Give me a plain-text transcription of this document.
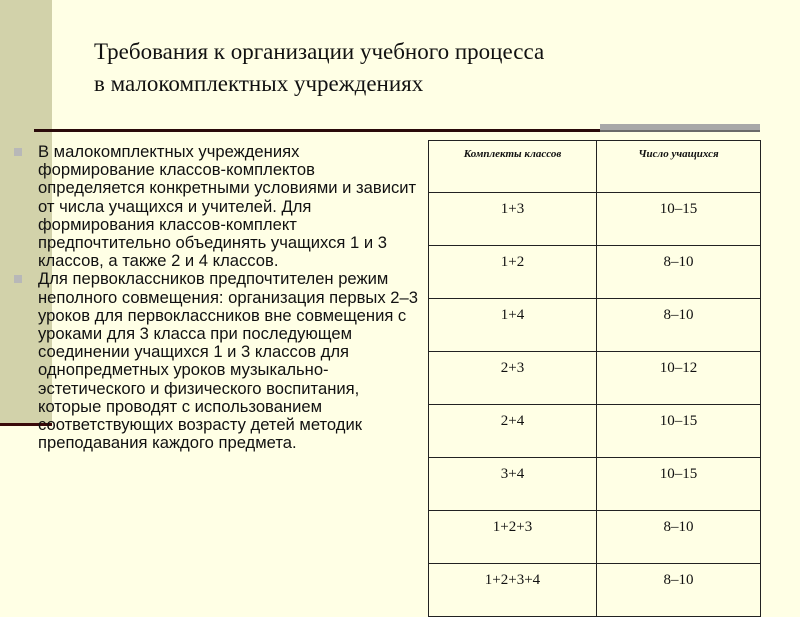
Требования к организации учебного процесса
в малокомплектных учреждениях
В малокомплектных учреждениях формирование классов-комплектов определяется конкретными условиями и зависит от числа учащихся и учителей. Для формирования классов-комплект предпочтительно объединять учащихся 1 и 3 классов, а также 2 и 4 классов.
Для первоклассников предпочтителен режим неполного совмещения: организация первых 2–3 уроков для первоклассников вне совмещения с уроками для 3 класса при последующем соединении учащихся 1 и 3 классов для однопредметных уроков музыкально-эстетического и физического воспитания, которые проводят с использованием соответствующих возрасту детей методик преподавания каждого предмета.
Комплекты классов	Число учащихся
1+3	10–15
1+2	8–10
1+4	8–10
2+3	10–12
2+4	10–15
3+4	10–15
1+2+3	8–10
1+2+3+4	8–10
